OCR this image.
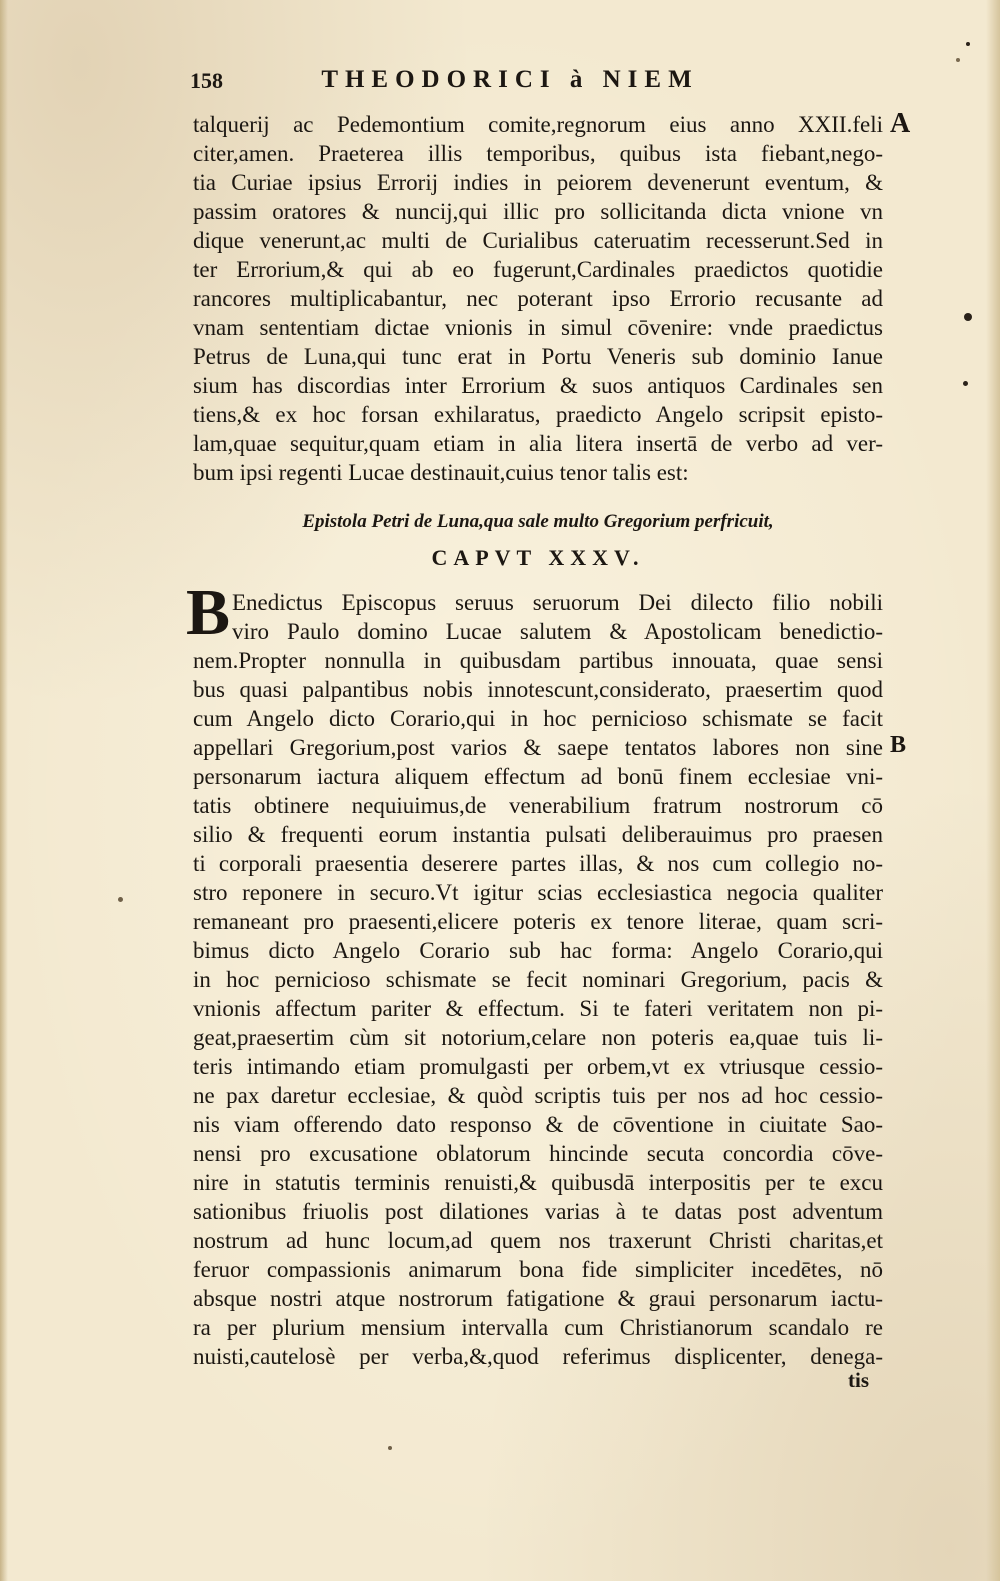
158	THEODORICI à NIEM
A
B
talquerij ac Pedemontium comite,regnorum eius anno XXII.feli
citer,amen. Praeterea illis temporibus, quibus ista fiebant,nego-
tia Curiae ipsius Errorij indies in peiorem devenerunt eventum, &
passim oratores & nuncij,qui illic pro sollicitanda dicta vnione vn
dique venerunt,ac multi de Curialibus cateruatim recesserunt.Sed in
ter Errorium,& qui ab eo fugerunt,Cardinales praedictos quotidie
rancores multiplicabantur, nec poterant ipso Errorio recusante ad
vnam sententiam dictae vnionis in simul cōvenire: vnde praedictus
Petrus de Luna,qui tunc erat in Portu Veneris sub dominio Ianue
sium has discordias inter Errorium & suos antiquos Cardinales sen
tiens,& ex hoc forsan exhilaratus, praedicto Angelo scripsit episto-
lam,quae sequitur,quam etiam in alia litera insertā de verbo ad ver-
bum ipsi regenti Lucae destinauit,cuius tenor talis est:
Epistola Petri de Luna,qua sale multo Gregorium perfricuit,
CAPVT XXXV.
B Enedictus Episcopus seruus seruorum Dei dilecto filio nobili
viro Paulo domino Lucae salutem & Apostolicam benedictio-
nem.Propter nonnulla in quibusdam partibus innouata, quae sensi
bus quasi palpantibus nobis innotescunt,considerato, praesertim quod
cum Angelo dicto Corario,qui in hoc pernicioso schismate se facit
appellari Gregorium,post varios & saepe tentatos labores non sine
personarum iactura aliquem effectum ad bonū finem ecclesiae vni-
tatis obtinere nequiuimus,de venerabilium fratrum nostrorum cō
silio & frequenti eorum instantia pulsati deliberauimus pro praesen
ti corporali praesentia deserere partes illas, & nos cum collegio no-
stro reponere in securo.Vt igitur scias ecclesiastica negocia qualiter
remaneant pro praesenti,elicere poteris ex tenore literae, quam scri-
bimus dicto Angelo Corario sub hac forma: Angelo Corario,qui
in hoc pernicioso schismate se fecit nominari Gregorium, pacis &
vnionis affectum pariter & effectum. Si te fateri veritatem non pi-
geat,praesertim cùm sit notorium,celare non poteris ea,quae tuis li-
teris intimando etiam promulgasti per orbem,vt ex vtriusque cessio-
ne pax daretur ecclesiae, & quòd scriptis tuis per nos ad hoc cessio-
nis viam offerendo dato responso & de cōventione in ciuitate Sao-
nensi pro excusatione oblatorum hincinde secuta concordia cōve-
nire in statutis terminis renuisti,& quibusdā interpositis per te excu
sationibus friuolis post dilationes varias à te datas post adventum
nostrum ad hunc locum,ad quem nos traxerunt Christi charitas,et
feruor compassionis animarum bona fide simpliciter incedētes, nō
absque nostri atque nostrorum fatigatione & graui personarum iactu-
ra per plurium mensium intervalla cum Christianorum scandalo re
nuisti,cautelosè per verba,&,quod referimus displicenter, denega-
tis
